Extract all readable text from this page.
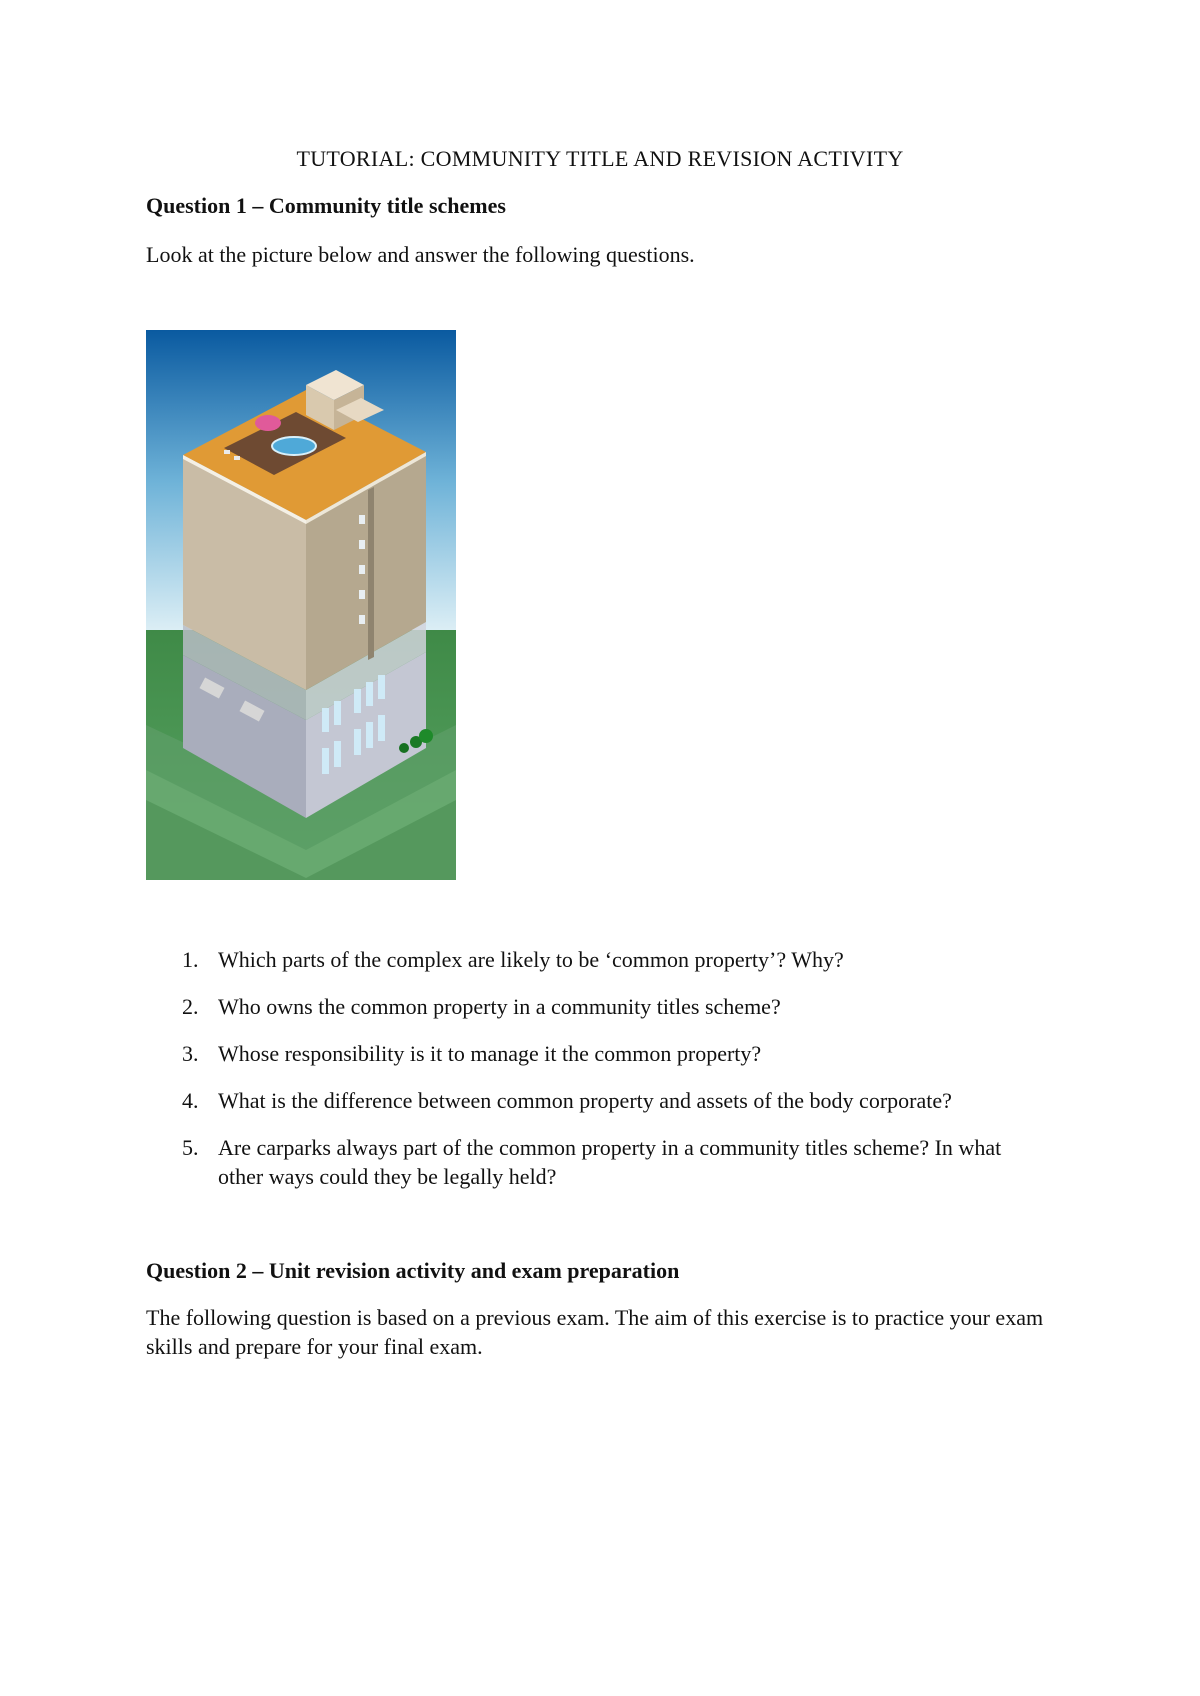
TUTORIAL: COMMUNITY TITLE AND REVISION ACTIVITY
Question 1 – Community title schemes
Look at the picture below and answer the following questions.
1. Which parts of the complex are likely to be ‘common property’? Why?
2. Who owns the common property in a community titles scheme?
3. Whose responsibility is it to manage it the common property?
4. What is the difference between common property and assets of the body corporate?
5. Are carparks always part of the common property in a community titles scheme? In what other ways could they be legally held?
Question 2 – Unit revision activity and exam preparation
The following question is based on a previous exam. The aim of this exercise is to practice your exam skills and prepare for your final exam.
